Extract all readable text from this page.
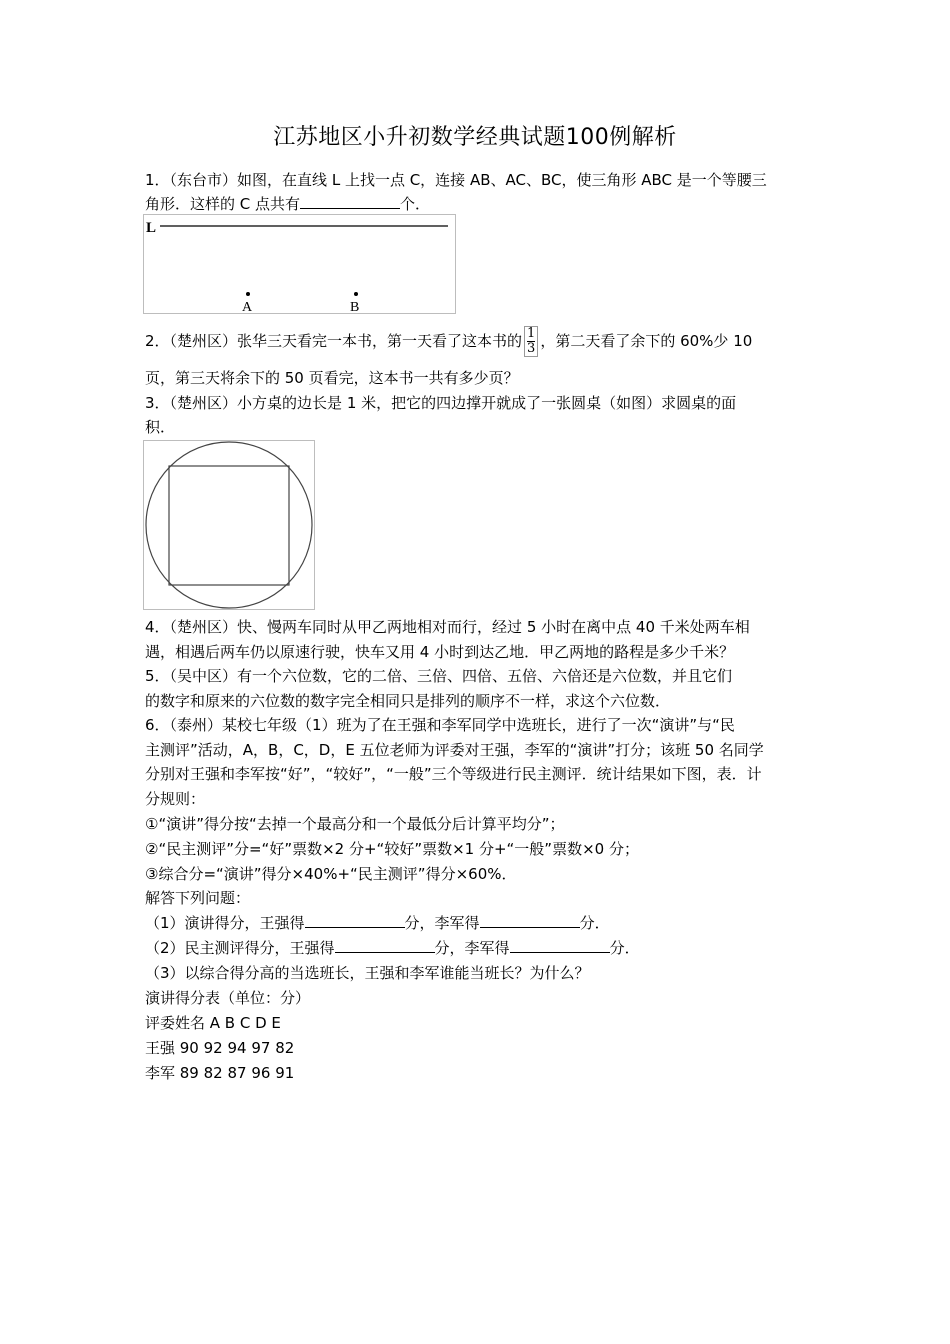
江苏地区小升初数学经典试题100例解析
1．（东台市）如图，在直线 L 上找一点 C，连接 AB、AC、BC，使三角形 ABC 是一个等腰三
角形．这样的 C 点共有	个．
L
A	B
2．（楚州区）张华三天看完一本书，第一天看了这本书的 $\frac{1}{3}$ ，第二天看了余下的 60%少 10
页，第三天将余下的 50 页看完，这本书一共有多少页？
3．（楚州区）小方桌的边长是 1 米，把它的四边撑开就成了一张圆桌（如图）求圆桌的面
积．
4．（楚州区）快、慢两车同时从甲乙两地相对而行，经过 5 小时在离中点 40 千米处两车相
遇，相遇后两车仍以原速行驶，快车又用 4 小时到达乙地．甲乙两地的路程是多少千米？
5．（吴中区）有一个六位数，它的二倍、三倍、四倍、五倍、六倍还是六位数，并且它们
的数字和原来的六位数的数字完全相同只是排列的顺序不一样，求这个六位数．
6．（泰州）某校七年级（1）班为了在王强和李军同学中选班长，进行了一次“演讲”与“民
主测评”活动，A，B，C，D，E 五位老师为评委对王强，李军的“演讲”打分；该班 50 名同学
分别对王强和李军按“好”，“较好”，“一般”三个等级进行民主测评．统计结果如下图，表．计
分规则：
①“演讲”得分按“去掉一个最高分和一个最低分后计算平均分”；
②“民主测评”分=“好”票数×2 分+“较好”票数×1 分+“一般”票数×0 分；
③综合分=“演讲”得分×40%+“民主测评”得分×60%．
解答下列问题：
（1）演讲得分，王强得	分，李军得	分．
（2）民主测评得分，王强得	分，李军得	分．
（3）以综合得分高的当选班长，王强和李军谁能当班长？为什么？
演讲得分表（单位：分）
评委姓名 A B C D E
王强 90 92 94 97 82
李军 89 82 87 96 91
